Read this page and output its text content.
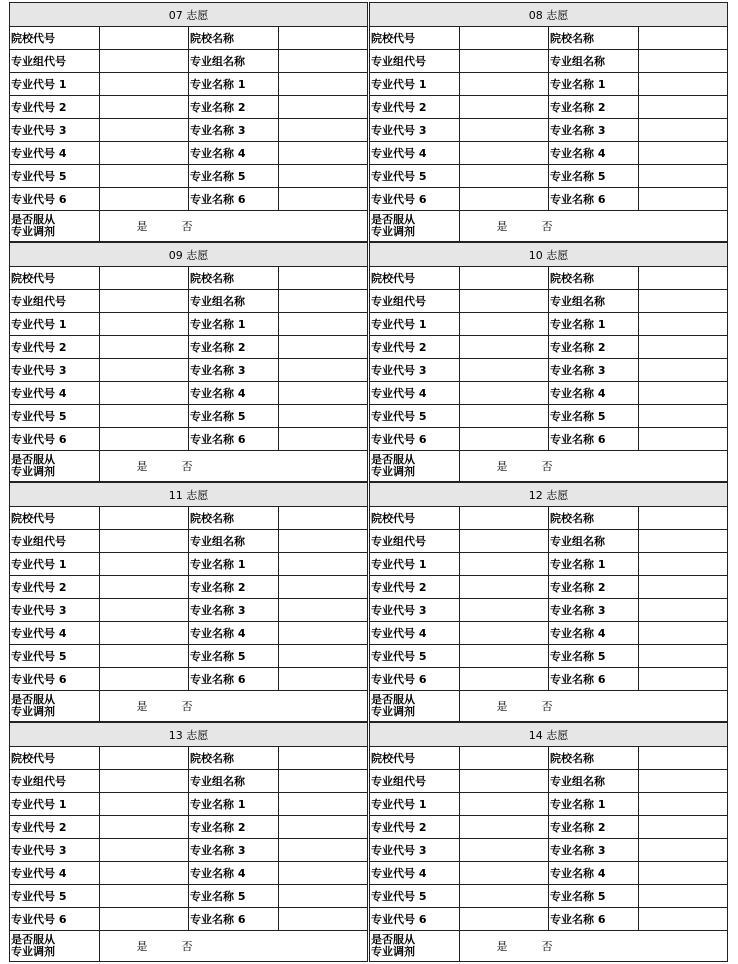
07 志愿			
院校代号		院校名称	
专业组代号		专业组名称	
专业代号 1		专业名称 1	
专业代号 2		专业名称 2	
专业代号 3		专业名称 3	
专业代号 4		专业名称 4	
专业代号 5		专业名称 5	
专业代号 6		专业名称 6	
是否服从
专业调剂	是 否		
08 志愿			
院校代号		院校名称	
专业组代号		专业组名称	
专业代号 1		专业名称 1	
专业代号 2		专业名称 2	
专业代号 3		专业名称 3	
专业代号 4		专业名称 4	
专业代号 5		专业名称 5	
专业代号 6		专业名称 6	
是否服从
专业调剂	是 否		
09 志愿			
院校代号		院校名称	
专业组代号		专业组名称	
专业代号 1		专业名称 1	
专业代号 2		专业名称 2	
专业代号 3		专业名称 3	
专业代号 4		专业名称 4	
专业代号 5		专业名称 5	
专业代号 6		专业名称 6	
是否服从
专业调剂	是 否		
10 志愿			
院校代号		院校名称	
专业组代号		专业组名称	
专业代号 1		专业名称 1	
专业代号 2		专业名称 2	
专业代号 3		专业名称 3	
专业代号 4		专业名称 4	
专业代号 5		专业名称 5	
专业代号 6		专业名称 6	
是否服从
专业调剂	是 否		
11 志愿			
院校代号		院校名称	
专业组代号		专业组名称	
专业代号 1		专业名称 1	
专业代号 2		专业名称 2	
专业代号 3		专业名称 3	
专业代号 4		专业名称 4	
专业代号 5		专业名称 5	
专业代号 6		专业名称 6	
是否服从
专业调剂	是 否		
12 志愿			
院校代号		院校名称	
专业组代号		专业组名称	
专业代号 1		专业名称 1	
专业代号 2		专业名称 2	
专业代号 3		专业名称 3	
专业代号 4		专业名称 4	
专业代号 5		专业名称 5	
专业代号 6		专业名称 6	
是否服从
专业调剂	是 否		
13 志愿			
院校代号		院校名称	
专业组代号		专业组名称	
专业代号 1		专业名称 1	
专业代号 2		专业名称 2	
专业代号 3		专业名称 3	
专业代号 4		专业名称 4	
专业代号 5		专业名称 5	
专业代号 6		专业名称 6	
是否服从
专业调剂	是 否		
14 志愿			
院校代号		院校名称	
专业组代号		专业组名称	
专业代号 1		专业名称 1	
专业代号 2		专业名称 2	
专业代号 3		专业名称 3	
专业代号 4		专业名称 4	
专业代号 5		专业名称 5	
专业代号 6		专业名称 6	
是否服从
专业调剂	是 否		
